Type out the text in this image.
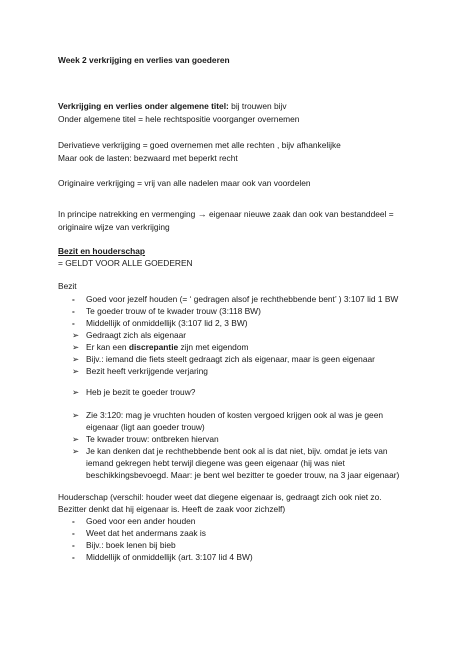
Week 2 verkrijging en verlies van goederen
Verkrijging en verlies onder algemene titel: bij trouwen bijv
Onder algemene titel = hele rechtspositie voorganger overnemen
Derivatieve verkrijging = goed overnemen met alle rechten , bijv afhankelijke
Maar ook de lasten: bezwaard met beperkt recht
Originaire verkrijging = vrij van alle nadelen maar ook van voordelen
In principe natrekking en vermenging → eigenaar nieuwe zaak dan ook van bestanddeel =
originaire wijze van verkrijging
Bezit en houderschap
= GELDT VOOR ALLE GOEDEREN
Bezit
-	Goed voor jezelf houden (= ‘ gedragen alsof je rechthebbende bent’ ) 3:107 lid 1 BW
-	Te goeder trouw of te kwader trouw (3:118 BW)
-	Middellijk of onmiddellijk (3:107 lid 2, 3 BW)
➢ Gedraagt zich als eigenaar
➢ Er kan een discrepantie zijn met eigendom
➢ Bijv.: iemand die fiets steelt gedraagt zich als eigenaar, maar is geen eigenaar
➢ Bezit heeft verkrijgende verjaring
➢ Heb je bezit te goeder trouw?
➢ Zie 3:120: mag je vruchten houden of kosten vergoed krijgen ook al was je geen
eigenaar (ligt aan goeder trouw)
➢ Te kwader trouw: ontbreken hiervan
➢ Je kan denken dat je rechthebbende bent ook al is dat niet, bijv. omdat je iets van
iemand gekregen hebt terwijl diegene was geen eigenaar (hij was niet
beschikkingsbevoegd. Maar: je bent wel bezitter te goeder trouw, na 3 jaar eigenaar)
Houderschap (verschil: houder weet dat diegene eigenaar is, gedraagt zich ook niet zo.
Bezitter denkt dat hij eigenaar is. Heeft de zaak voor zichzelf)
-	Goed voor een ander houden
-	Weet dat het andermans zaak is
-	Bijv.: boek lenen bij bieb
-	Middellijk of onmiddellijk (art. 3:107 lid 4 BW)
